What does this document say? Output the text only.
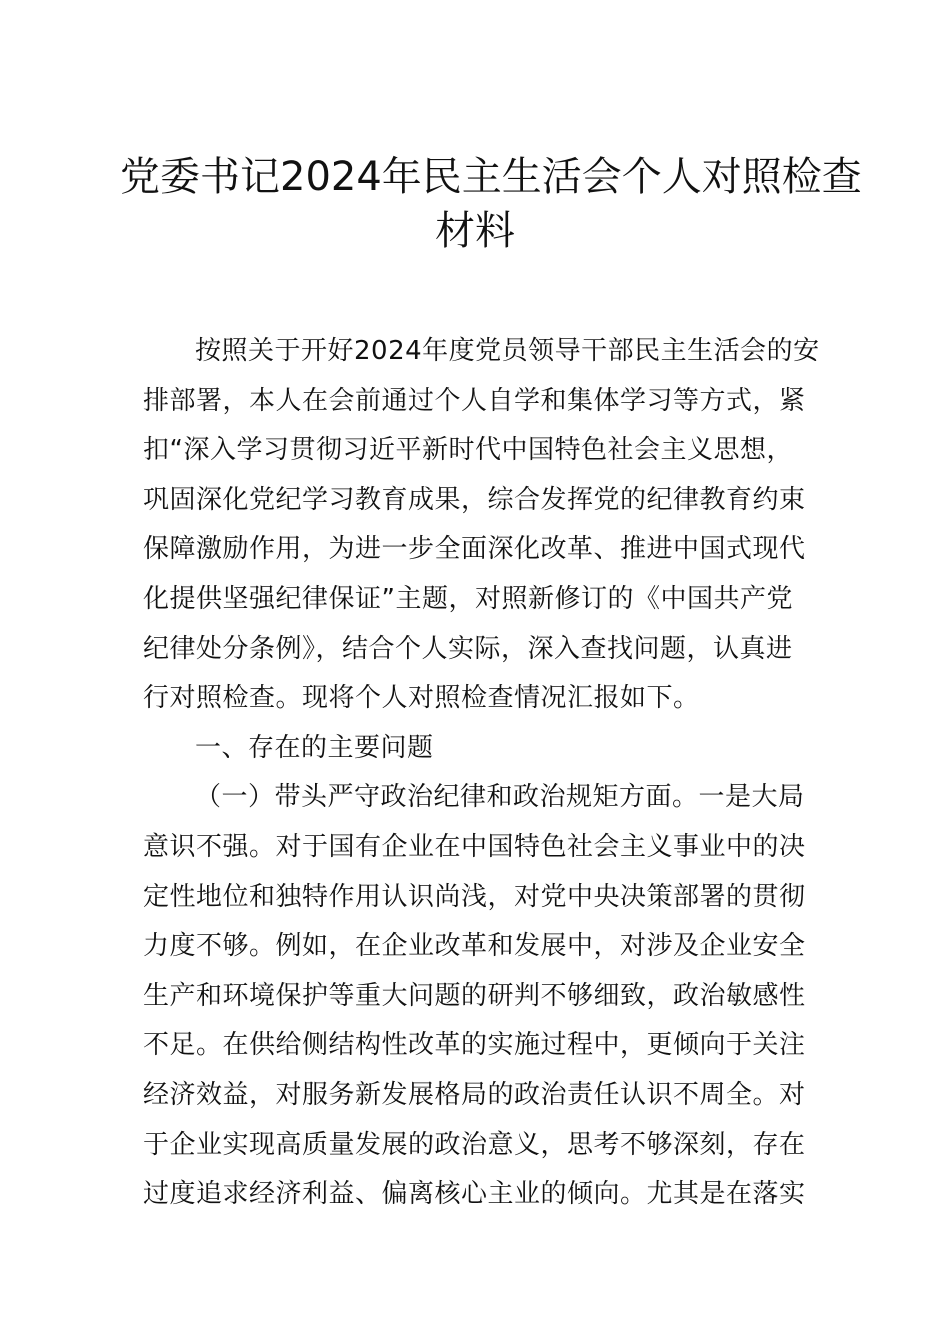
党委书记2024年民主生活会个人对照检查
材料
按照关于开好2024年度党员领导干部民主生活会的安
排部署，本人在会前通过个人自学和集体学习等方式，紧
扣“深入学习贯彻习近平新时代中国特色社会主义思想，
巩固深化党纪学习教育成果，综合发挥党的纪律教育约束
保障激励作用，为进一步全面深化改革、推进中国式现代
化提供坚强纪律保证”主题，对照新修订的《中国共产党
纪律处分条例》，结合个人实际，深入查找问题，认真进
行对照检查。现将个人对照检查情况汇报如下。
一、存在的主要问题
（一）带头严守政治纪律和政治规矩方面。一是大局
意识不强。对于国有企业在中国特色社会主义事业中的决
定性地位和独特作用认识尚浅，对党中央决策部署的贯彻
力度不够。例如，在企业改革和发展中，对涉及企业安全
生产和环境保护等重大问题的研判不够细致，政治敏感性
不足。在供给侧结构性改革的实施过程中，更倾向于关注
经济效益，对服务新发展格局的政治责任认识不周全。对
于企业实现高质量发展的政治意义，思考不够深刻，存在
过度追求经济利益、偏离核心主业的倾向。尤其是在落实
